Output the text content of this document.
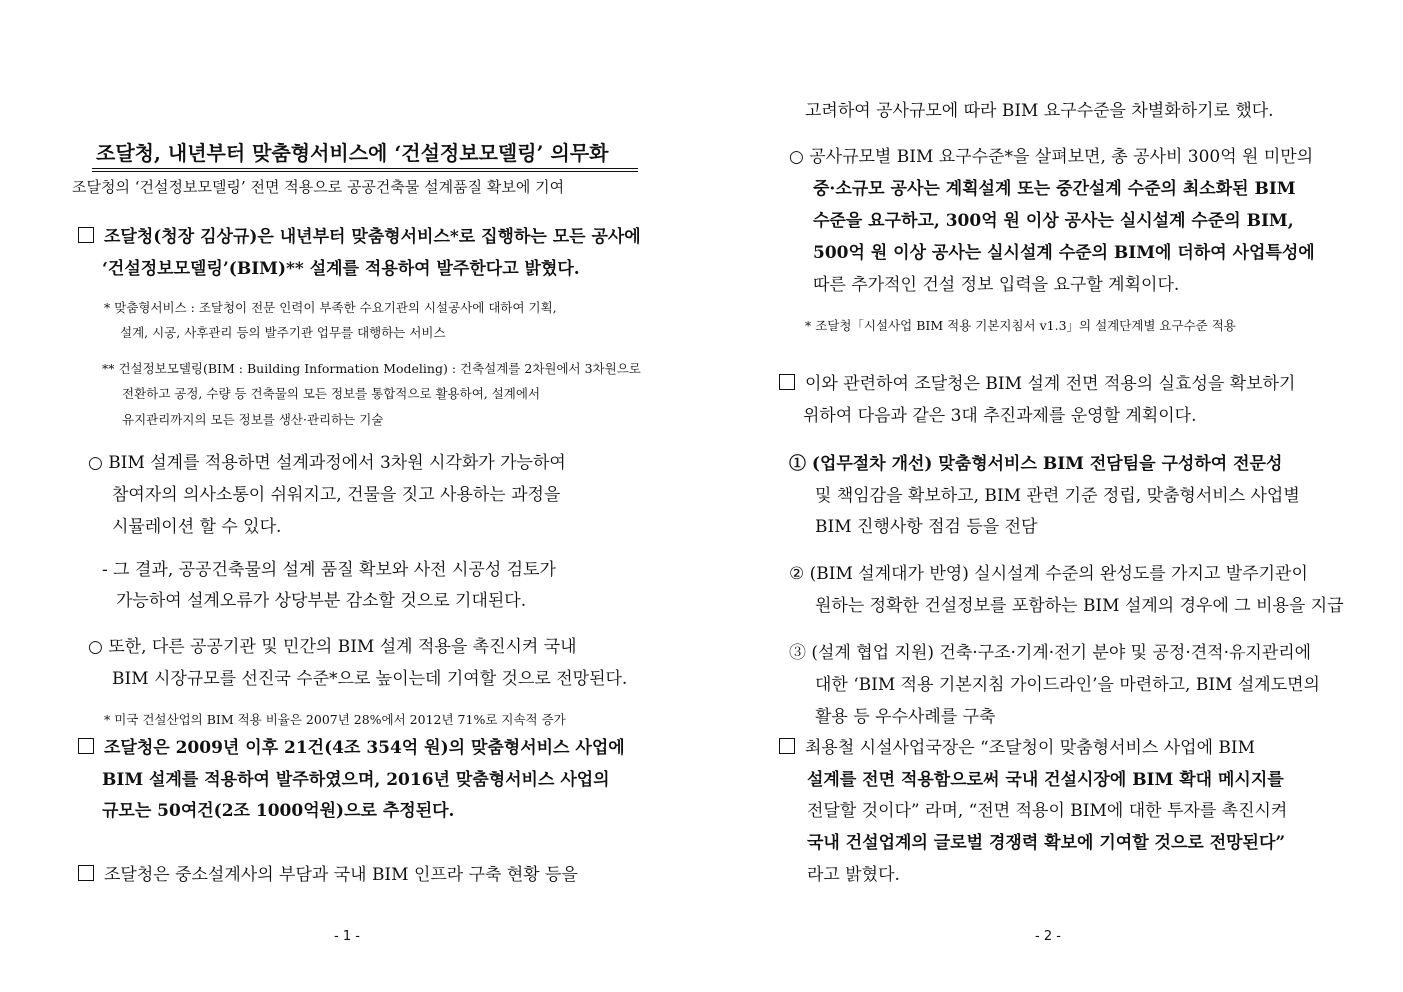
조달청, 내년부터 맞춤형서비스에 ‘건설정보모델링’ 의무화
조달청의 ‘건설정보모델링’ 전면 적용으로 공공건축물 설계품질 확보에 기여
조달청(청장 김상규)은 내년부터 맞춤형서비스*로 집행하는 모든 공사에
‘건설정보모델링’(BIM)** 설계를 적용하여 발주한다고 밝혔다.
* 맞춤형서비스 : 조달청이 전문 인력이 부족한 수요기관의 시설공사에 대하여 기획,
설계, 시공, 사후관리 등의 발주기관 업무를 대행하는 서비스
** 건설정보모델링(BIM : Building Information Modeling) : 건축설계를 2차원에서 3차원으로
전환하고 공정, 수량 등 건축물의 모든 정보를 통합적으로 활용하여, 설계에서
유지관리까지의 모든 정보를 생산·관리하는 기술
○ BIM 설계를 적용하면 설계과정에서 3차원 시각화가 가능하여
참여자의 의사소통이 쉬워지고, 건물을 짓고 사용하는 과정을
시뮬레이션 할 수 있다.
- 그 결과, 공공건축물의 설계 품질 확보와 사전 시공성 검토가
가능하여 설계오류가 상당부분 감소할 것으로 기대된다.
○ 또한, 다른 공공기관 및 민간의 BIM 설계 적용을 촉진시켜 국내
BIM 시장규모를 선진국 수준*으로 높이는데 기여할 것으로 전망된다.
* 미국 건설산업의 BIM 적용 비율은 2007년 28%에서 2012년 71%로 지속적 증가
조달청은 2009년 이후 21건(4조 354억 원)의 맞춤형서비스 사업에
BIM 설계를 적용하여 발주하였으며, 2016년 맞춤형서비스 사업의
규모는 50여건(2조 1000억원)으로 추정된다.
조달청은 중소설계사의 부담과 국내 BIM 인프라 구축 현황 등을
- 1 -
고려하여 공사규모에 따라 BIM 요구수준을 차별화하기로 했다.
○ 공사규모별 BIM 요구수준*을 살펴보면, 총 공사비 300억 원 미만의
중·소규모 공사는 계획설계 또는 중간설계 수준의 최소화된 BIM
수준을 요구하고, 300억 원 이상 공사는 실시설계 수준의 BIM,
500억 원 이상 공사는 실시설계 수준의 BIM에 더하여 사업특성에
따른 추가적인 건설 정보 입력을 요구할 계획이다.
* 조달청「시설사업 BIM 적용 기본지침서 v1.3」의 설계단계별 요구수준 적용
이와 관련하여 조달청은 BIM 설계 전면 적용의 실효성을 확보하기
위하여 다음과 같은 3대 추진과제를 운영할 계획이다.
① (업무절차 개선) 맞춤형서비스 BIM 전담팀을 구성하여 전문성
및 책임감을 확보하고, BIM 관련 기준 정립, 맞춤형서비스 사업별
BIM 진행사항 점검 등을 전담
② (BIM 설계대가 반영) 실시설계 수준의 완성도를 가지고 발주기관이
원하는 정확한 건설정보를 포함하는 BIM 설계의 경우에 그 비용을 지급
③ (설계 협업 지원) 건축·구조·기계·전기 분야 및 공정·견적·유지관리에
대한 ‘BIM 적용 기본지침 가이드라인’을 마련하고, BIM 설계도면의
활용 등 우수사례를 구축
최용철 시설사업국장은 “조달청이 맞춤형서비스 사업에 BIM
설계를 전면 적용함으로써 국내 건설시장에 BIM 확대 메시지를
전달할 것이다” 라며, “전면 적용이 BIM에 대한 투자를 촉진시켜
국내 건설업계의 글로벌 경쟁력 확보에 기여할 것으로 전망된다”
라고 밝혔다.
- 2 -
